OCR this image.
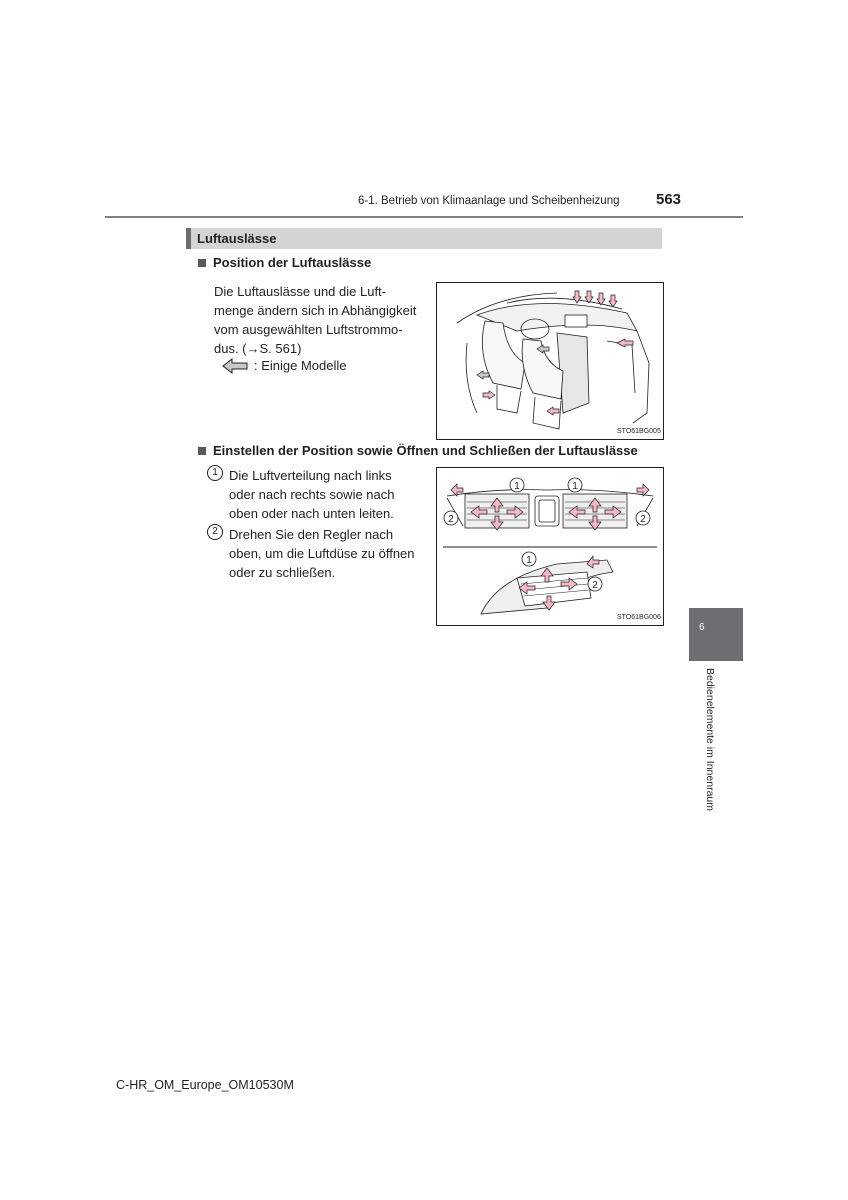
6-1. Betrieb von Klimaanlage und Scheibenheizung 563
Luftauslässe
Position der Luftauslässe
Die Luftauslässe und die Luft-
menge ändern sich in Abhängigkeit
vom ausgewählten Luftstrommo-
dus. (→S. 561)
: Einige Modelle
STO61BG005
Einstellen der Position sowie Öffnen und Schließen der Luftauslässe
1 Die Luftverteilung nach links
oder nach rechts sowie nach
oben oder nach unten leiten.
2 Drehen Sie den Regler nach
oben, um die Luftdüse zu öffnen
oder zu schließen.
1	1
2	2
1
2
STO61BG006
6
Bedienelemente im Innenraum
C-HR_OM_Europe_OM10530M
